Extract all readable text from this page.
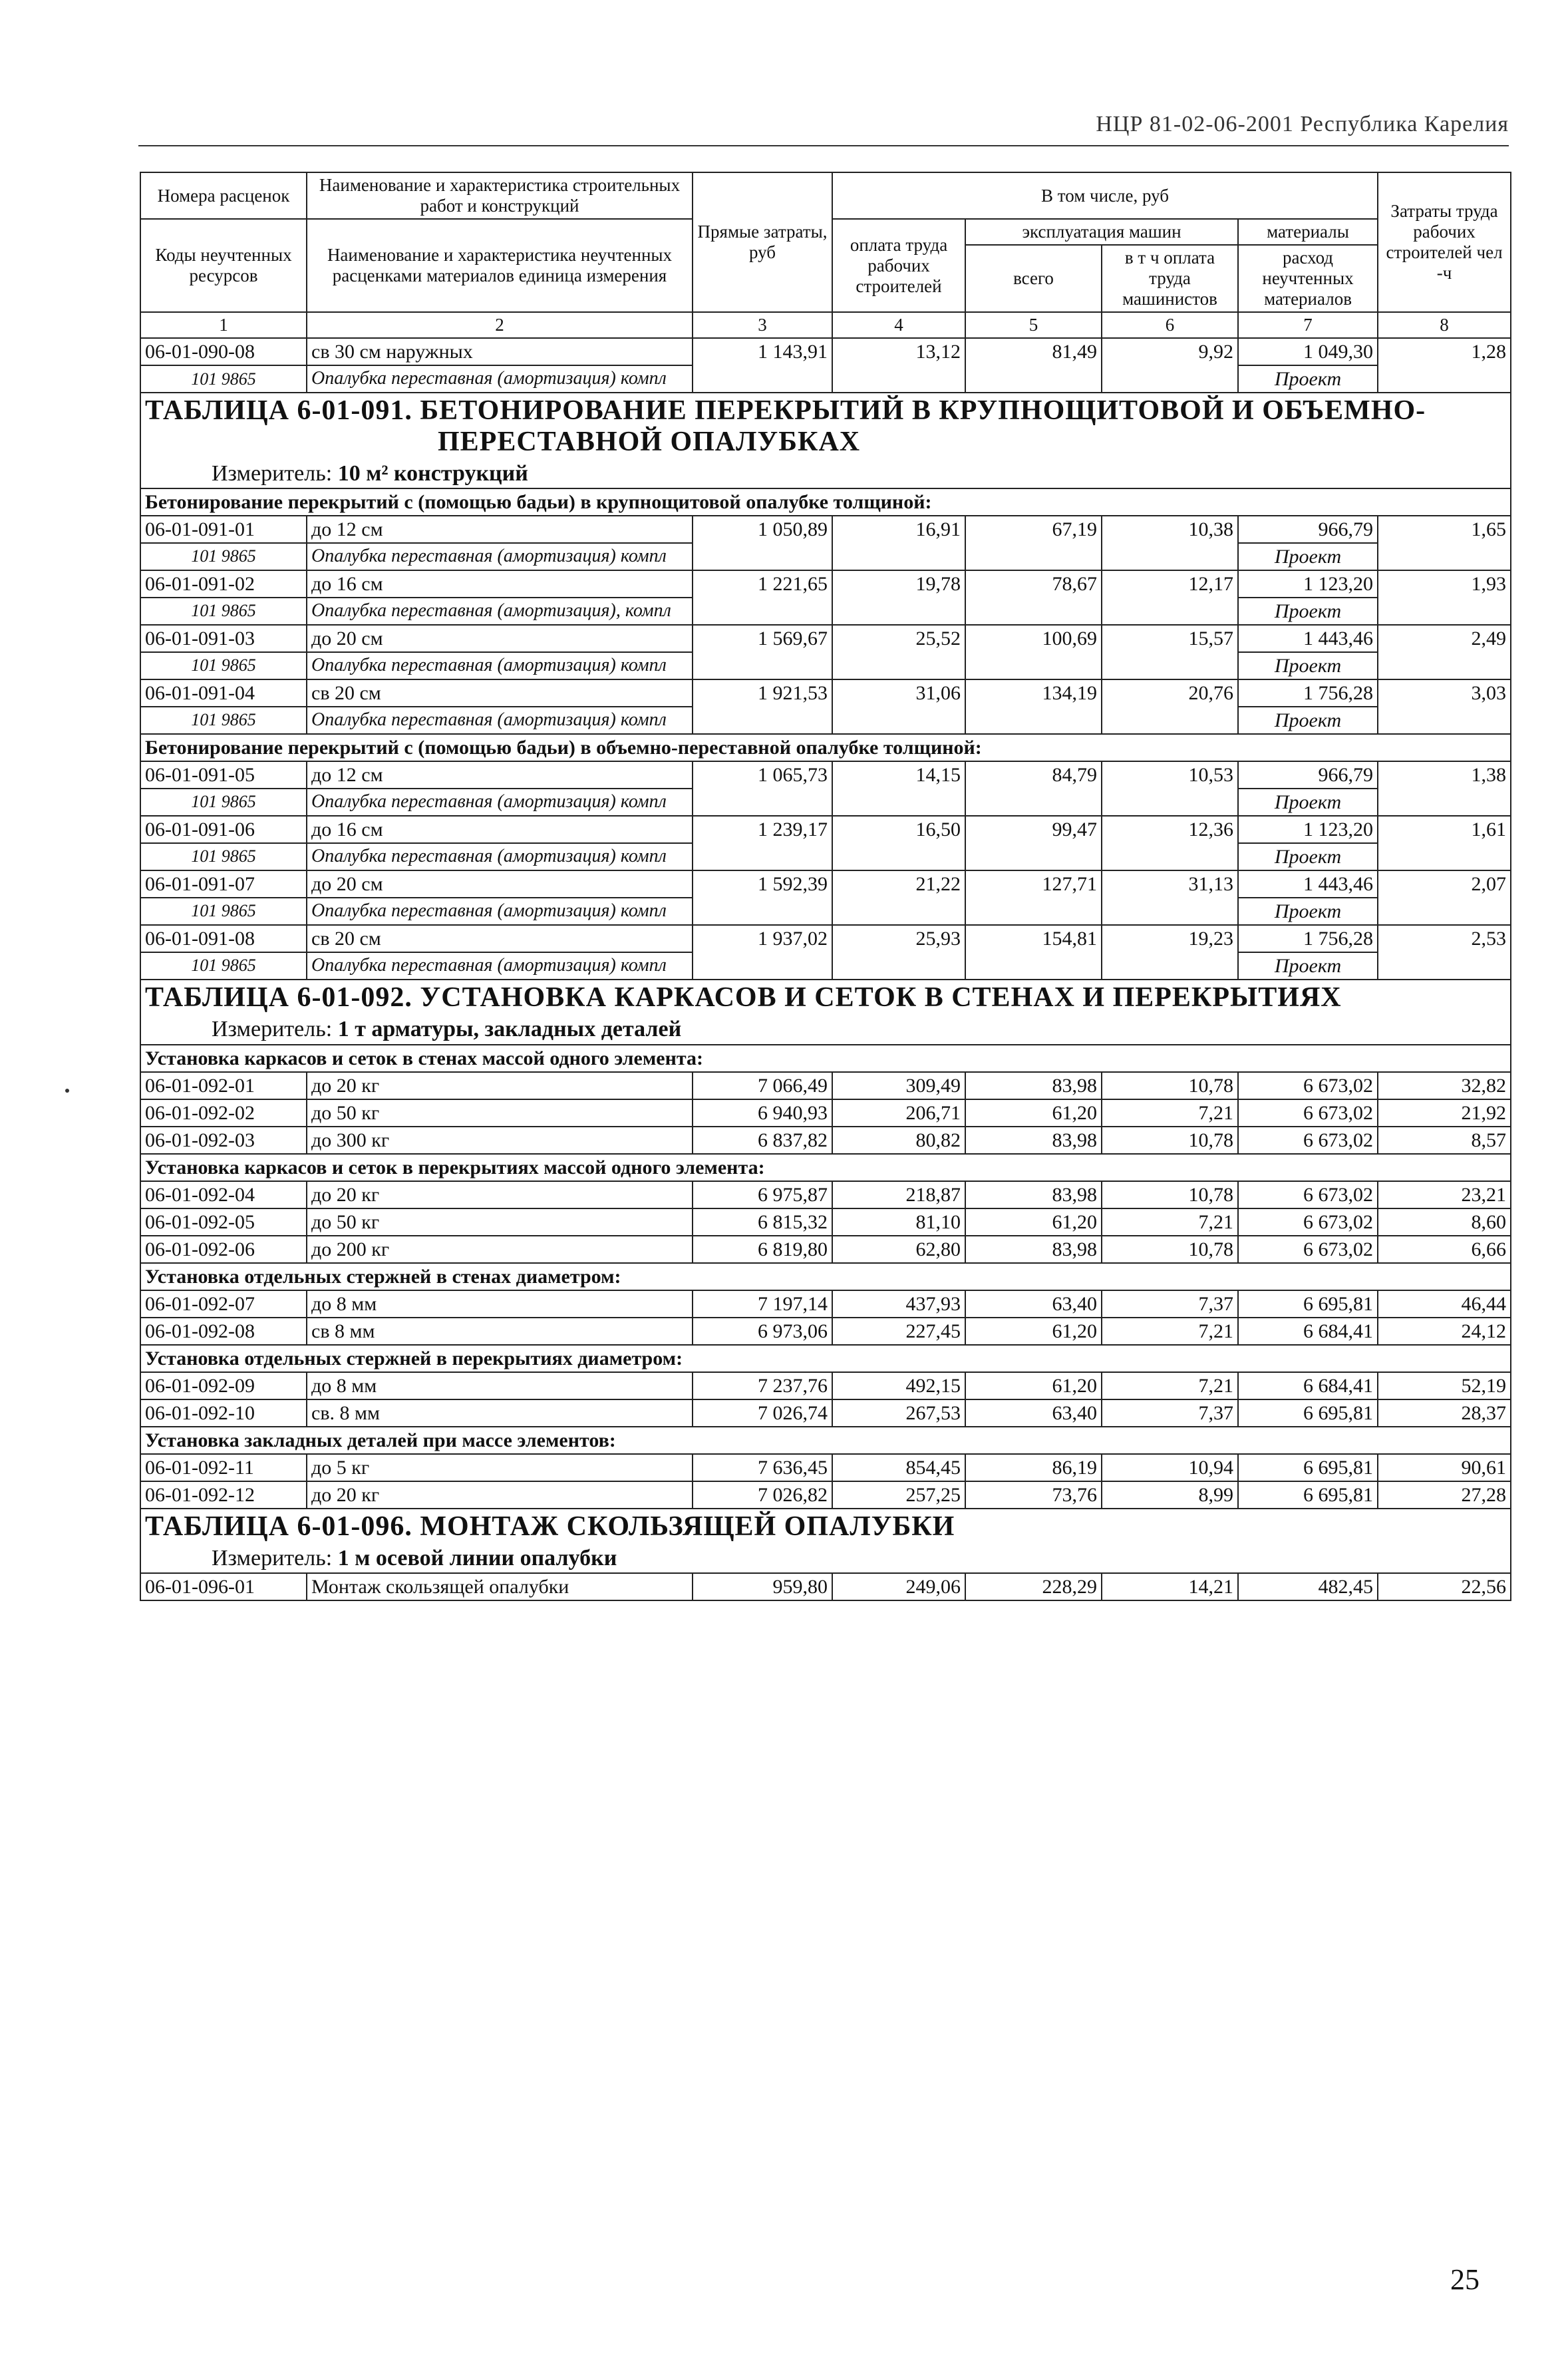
НЦР 81-02-06-2001 Республика Карелия
Номера расценок	Наименование и характеристика строительных работ и конструкций	Прямые затраты, руб	В том числе, руб				Затраты труда рабочих строителей чел -ч
Коды неучтенных ресурсов	Наименование и характеристика неучтенных расценками материалов единица измерения		оплата труда рабочих строителей	эксплуатация машин		материалы	
				всего	в т ч оплата труда машинистов	расход неучтенных материалов	
1	2	3	4	5	6	7	8
06-01-090-08	св 30 см наружных	1 143,91	13,12	81,49	9,92	1 049,30	1,28
101 9865	Опалубка переставная (амортизация) компл					Проект	

ТАБЛИЦА 6-01-091. БЕТОНИРОВАНИЕ ПЕРЕКРЫТИЙ В КРУПНОЩИТОВОЙ И ОБЪЕМНО-
ПЕРЕСТАВНОЙ ОПАЛУБКАХ
Измеритель: 10 м² конструкций							

Бетонирование перекрытий с (помощью бадьи) в крупнощитовой опалубке толщиной:							
06-01-091-01	до 12 см	1 050,89	16,91	67,19	10,38	966,79	1,65
101 9865	Опалубка переставная (амортизация) компл					Проект	
06-01-091-02	до 16 см	1 221,65	19,78	78,67	12,17	1 123,20	1,93
101 9865	Опалубка переставная (амортизация), компл					Проект	
06-01-091-03	до 20 см	1 569,67	25,52	100,69	15,57	1 443,46	2,49
101 9865	Опалубка переставная (амортизация) компл					Проект	
06-01-091-04	св 20 см	1 921,53	31,06	134,19	20,76	1 756,28	3,03
101 9865	Опалубка переставная (амортизация) компл					Проект	
Бетонирование перекрытий с (помощью бадьи) в объемно-переставной опалубке толщиной:							
06-01-091-05	до 12 см	1 065,73	14,15	84,79	10,53	966,79	1,38
101 9865	Опалубка переставная (амортизация) компл					Проект	
06-01-091-06	до 16 см	1 239,17	16,50	99,47	12,36	1 123,20	1,61
101 9865	Опалубка переставная (амортизация) компл					Проект	
06-01-091-07	до 20 см	1 592,39	21,22	127,71	31,13	1 443,46	2,07
101 9865	Опалубка переставная (амортизация) компл					Проект	
06-01-091-08	св 20 см	1 937,02	25,93	154,81	19,23	1 756,28	2,53
101 9865	Опалубка переставная (амортизация) компл					Проект	

ТАБЛИЦА 6-01-092. УСТАНОВКА КАРКАСОВ И СЕТОК В СТЕНАХ И ПЕРЕКРЫТИЯХ
Измеритель: 1 т арматуры, закладных деталей							

Установка каркасов и сеток в стенах массой одного элемента:							
06-01-092-01	до 20 кг	7 066,49	309,49	83,98	10,78	6 673,02	32,82
06-01-092-02	до 50 кг	6 940,93	206,71	61,20	7,21	6 673,02	21,92
06-01-092-03	до 300 кг	6 837,82	80,82	83,98	10,78	6 673,02	8,57
Установка каркасов и сеток в перекрытиях массой одного элемента:							
06-01-092-04	до 20 кг	6 975,87	218,87	83,98	10,78	6 673,02	23,21
06-01-092-05	до 50 кг	6 815,32	81,10	61,20	7,21	6 673,02	8,60
06-01-092-06	до 200 кг	6 819,80	62,80	83,98	10,78	6 673,02	6,66
Установка отдельных стержней в стенах диаметром:							
06-01-092-07	до 8 мм	7 197,14	437,93	63,40	7,37	6 695,81	46,44
06-01-092-08	св 8 мм	6 973,06	227,45	61,20	7,21	6 684,41	24,12
Установка отдельных стержней в перекрытиях диаметром:							
06-01-092-09	до 8 мм	7 237,76	492,15	61,20	7,21	6 684,41	52,19
06-01-092-10	св. 8 мм	7 026,74	267,53	63,40	7,37	6 695,81	28,37
Установка закладных деталей при массе элементов:							
06-01-092-11	до 5 кг	7 636,45	854,45	86,19	10,94	6 695,81	90,61
06-01-092-12	до 20 кг	7 026,82	257,25	73,76	8,99	6 695,81	27,28

ТАБЛИЦА 6-01-096. МОНТАЖ СКОЛЬЗЯЩЕЙ ОПАЛУБКИ
Измеритель: 1 м осевой линии опалубки							

06-01-096-01	Монтаж скользящей опалубки	959,80	249,06	228,29	14,21	482,45	22,56
25
